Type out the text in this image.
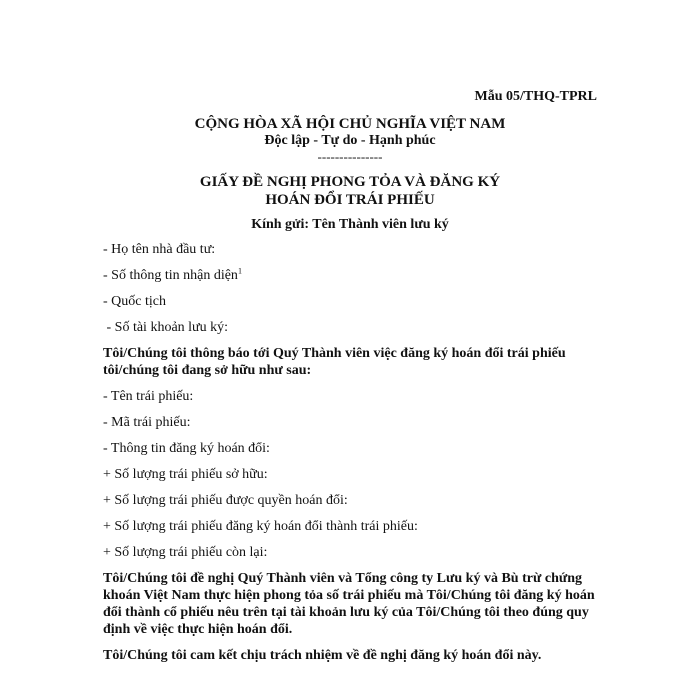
Mẫu 05/THQ-TPRL
CỘNG HÒA XÃ HỘI CHỦ NGHĨA VIỆT NAM
Độc lập - Tự do - Hạnh phúc
---------------
GIẤY ĐỀ NGHỊ PHONG TỎA VÀ ĐĂNG KÝ
HOÁN ĐỔI TRÁI PHIẾU
Kính gửi: Tên Thành viên lưu ký

- Họ tên nhà đầu tư:

- Số thông tin nhận diện$^1$

- Quốc tịch

- Số tài khoản lưu ký:

Tôi/Chúng tôi thông báo tới Quý Thành viên việc đăng ký hoán đổi trái phiếu tôi/chúng tôi đang sở hữu như sau:

- Tên trái phiếu:

- Mã trái phiếu:

- Thông tin đăng ký hoán đổi:

+ Số lượng trái phiếu sở hữu:

+ Số lượng trái phiếu được quyền hoán đổi:

+ Số lượng trái phiếu đăng ký hoán đổi thành trái phiếu:

+ Số lượng trái phiếu còn lại:

Tôi/Chúng tôi đề nghị Quý Thành viên và Tổng công ty Lưu ký và Bù trừ chứng khoán Việt Nam thực hiện phong tỏa số trái phiếu mà Tôi/Chúng tôi đăng ký hoán đổi thành cổ phiếu nêu trên tại tài khoản lưu ký của Tôi/Chúng tôi theo đúng quy định về việc thực hiện hoán đổi.

Tôi/Chúng tôi cam kết chịu trách nhiệm về đề nghị đăng ký hoán đổi này.
